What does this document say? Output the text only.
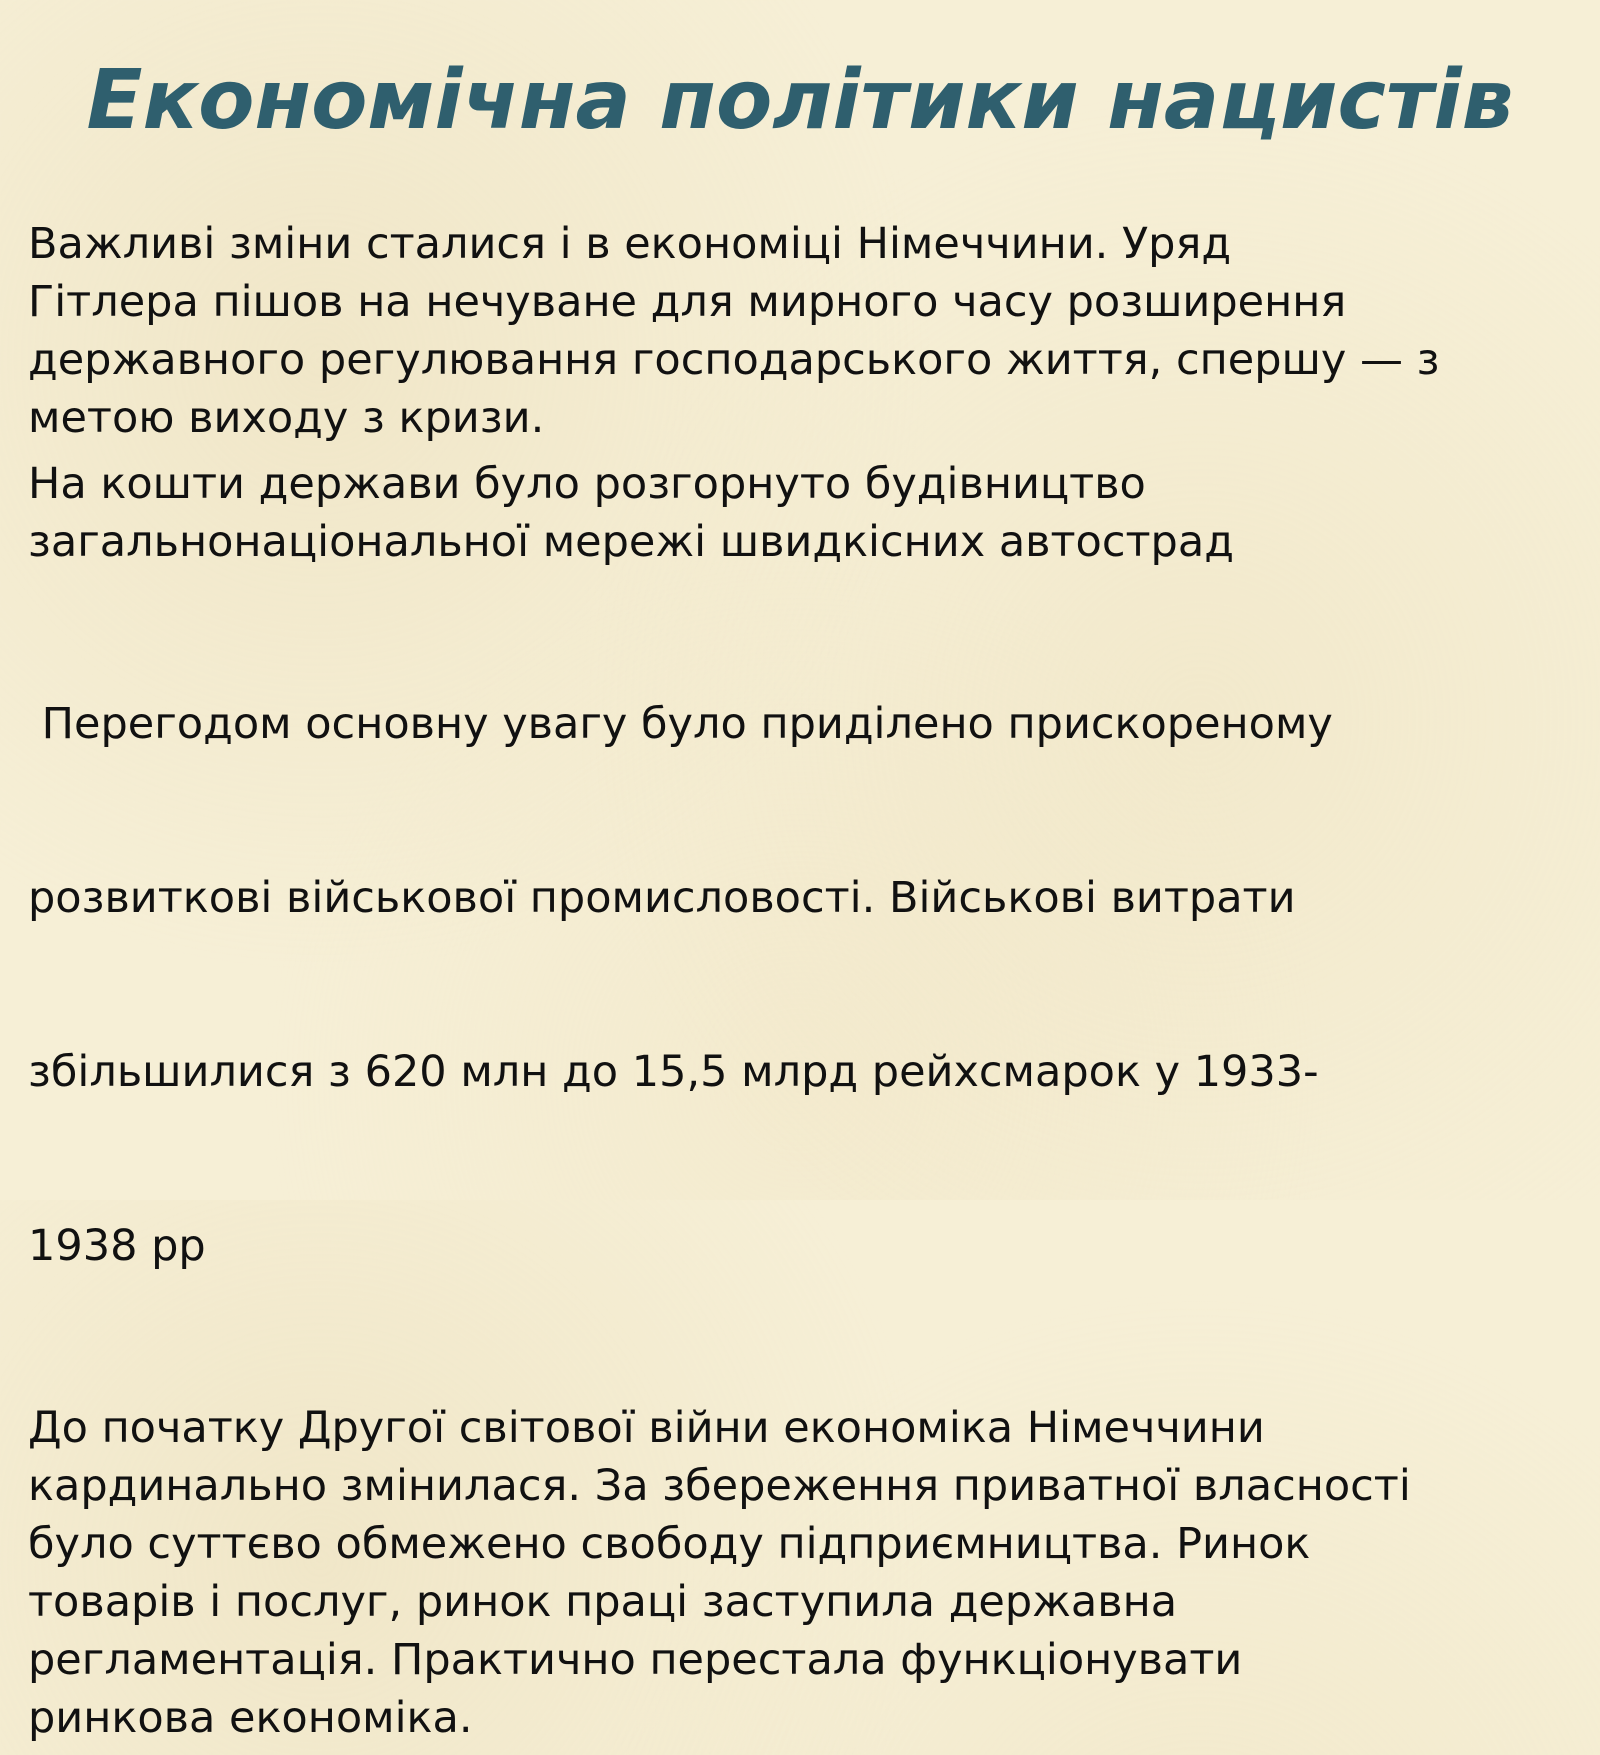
Економічна політики нацистів
Важливі зміни сталися і в економіці Німеччини. Уряд
Гітлера пішов на нечуване для мирного часу розширення
державного регулювання господарського життя, спершу — з
метою виходу з кризи.
На кошти держави було розгорнуто будівництво
загальнонаціональної мережі швидкісних автострад

Перегодом основну увагу було приділено прискореному

розвиткові військової промисловості. Військові витрати

збільшилися з 620 млн до 15,5 млрд рейхсмарок у 1933-

1938 рр

До початку Другої світової війни економіка Німеччини
кардинально змінилася. За збереження приватної власності
було суттєво обмежено свободу підприємництва. Ринок
товарів і послуг, ринок праці заступила державна
регламентація. Практично перестала функціонувати
ринкова економіка.
